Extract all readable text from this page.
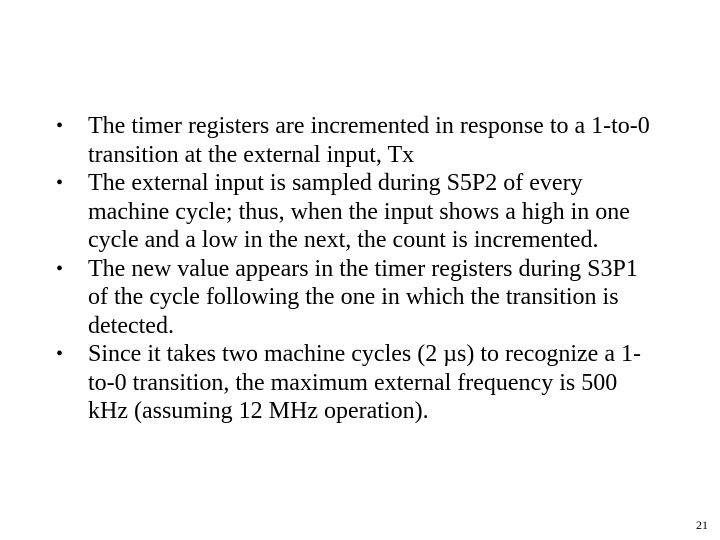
•	The timer registers are incremented in response to a 1-to-0 transition at the external input, Tx
•	The external input is sampled during S5P2 of every machine cycle; thus, when the input shows a high in one cycle and a low in the next, the count is incremented.
•	The new value appears in the timer registers during S3P1 of the cycle following the one in which the transition is detected.
•	Since it takes two machine cycles (2 µs) to recognize a 1-to-0 transition, the maximum external frequency is 500 kHz (assuming 12 MHz operation).
21
